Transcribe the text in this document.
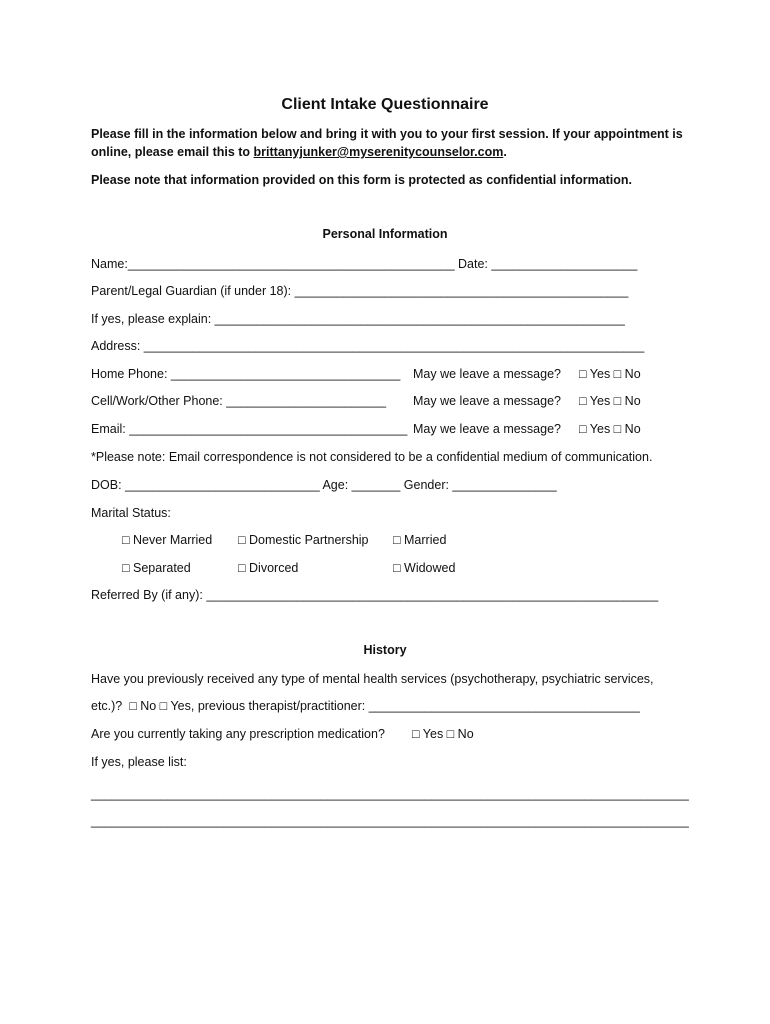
Client Intake Questionnaire
Please fill in the information below and bring it with you to your first session. If your appointment is
online, please email this to brittanyjunker@myserenitycounselor.com.
Please note that information provided on this form is protected as confidential information.
Personal Information
Name:_______________________________________________ Date: _____________________
Parent/Legal Guardian (if under 18): ________________________________________________
If yes, please explain: ___________________________________________________________
Address: ________________________________________________________________________
Home Phone: _________________________________ May we leave a message? □ Yes □ No
Cell/Work/Other Phone: _______________________ May we leave a message? □ Yes □ No
Email: ________________________________________ May we leave a message? □ Yes □ No
*Please note: Email correspondence is not considered to be a confidential medium of communication.
DOB: ____________________________ Age: _______ Gender: _______________
Marital Status:
□ Never Married □ Domestic Partnership □ Married
□ Separated	□ Divorced	□ Widowed
Referred By (if any): _________________________________________________________________
History
Have you previously received any type of mental health services (psychotherapy, psychiatric services,
etc.)?  □ No □ Yes, previous therapist/practitioner: _______________________________________
Are you currently taking any prescription medication? □ Yes □ No
If yes, please list:
______________________________________________________________________________________
______________________________________________________________________________________
